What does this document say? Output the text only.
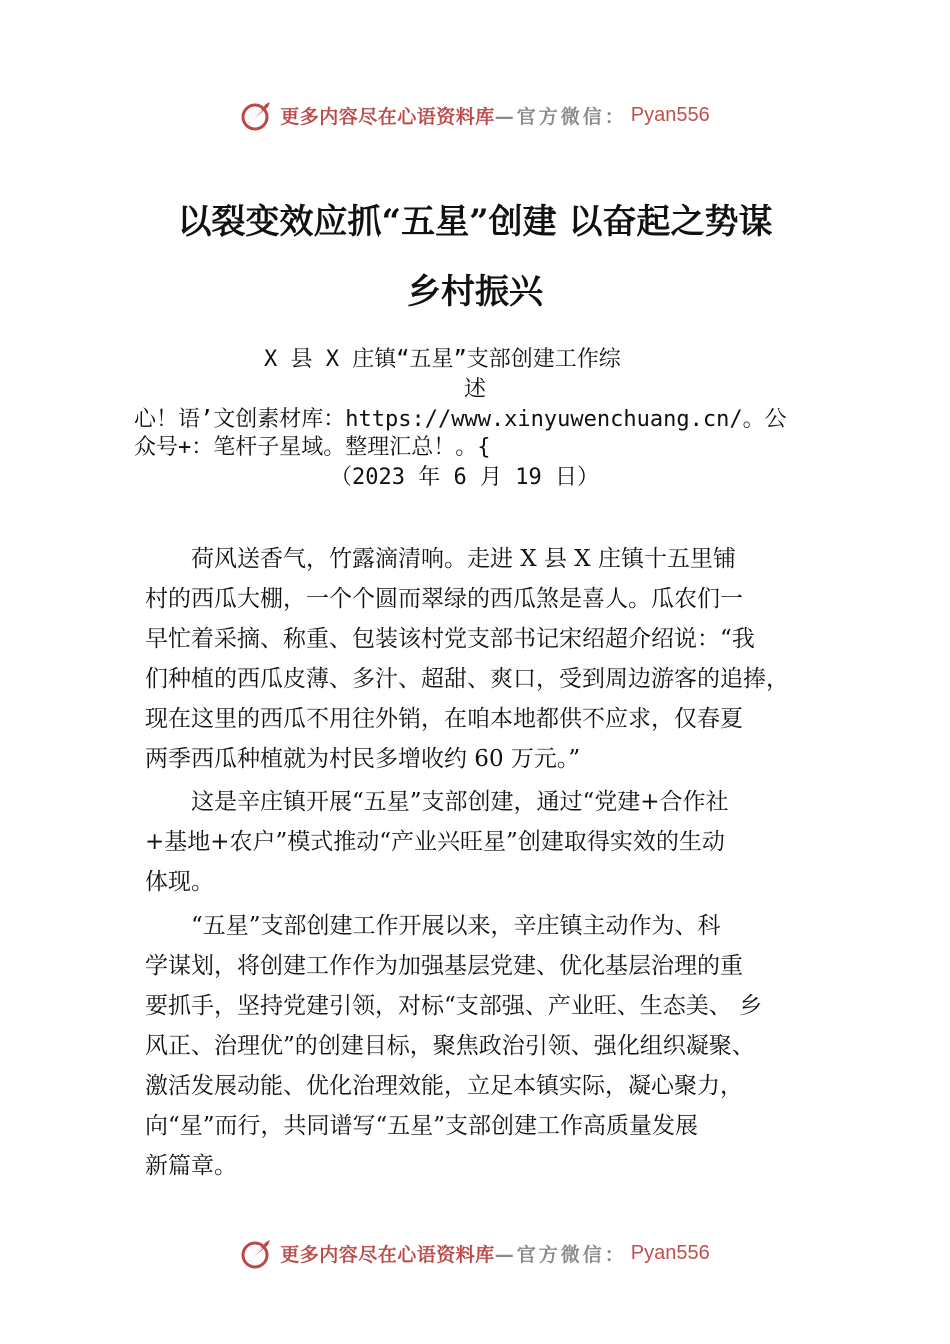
更多内容尽在心语资料库 —官方微信： Pyan556
以裂变效应抓“五星”创建 以奋起之势谋
乡村振兴
X 县 X 庄镇“五星”支部创建工作综
述
心！语’文创素材库：https://www.xinyuwenchuang.cn/。公
众号+：笔杆子星域。整理汇总！。{
（2023 年 6 月 19 日）
　　荷风送香气，竹露滴清响。走进 X 县 X 庄镇十五里铺
村的西瓜大棚，一个个圆而翠绿的西瓜煞是喜人。瓜农们一
早忙着采摘、称重、包装该村党支部书记宋绍超介绍说：“我
们种植的西瓜皮薄、多汁、超甜、爽口，受到周边游客的追捧，
现在这里的西瓜不用往外销，在咱本地都供不应求，仅春夏
两季西瓜种植就为村民多增收约 60 万元。”
　　这是辛庄镇开展“五星”支部创建，通过“党建+合作社
+基地+农户”模式推动“产业兴旺星”创建取得实效的生动
体现。
　　“五星”支部创建工作开展以来，辛庄镇主动作为、科
学谋划，将创建工作作为加强基层党建、优化基层治理的重
要抓手，坚持党建引领，对标“支部强、产业旺、生态美、 乡
风正、治理优”的创建目标，聚焦政治引领、强化组织凝聚、
激活发展动能、优化治理效能，立足本镇实际，凝心聚力，
向“星”而行，共同谱写“五星”支部创建工作高质量发展
新篇章。
更多内容尽在心语资料库 —官方微信： Pyan556
